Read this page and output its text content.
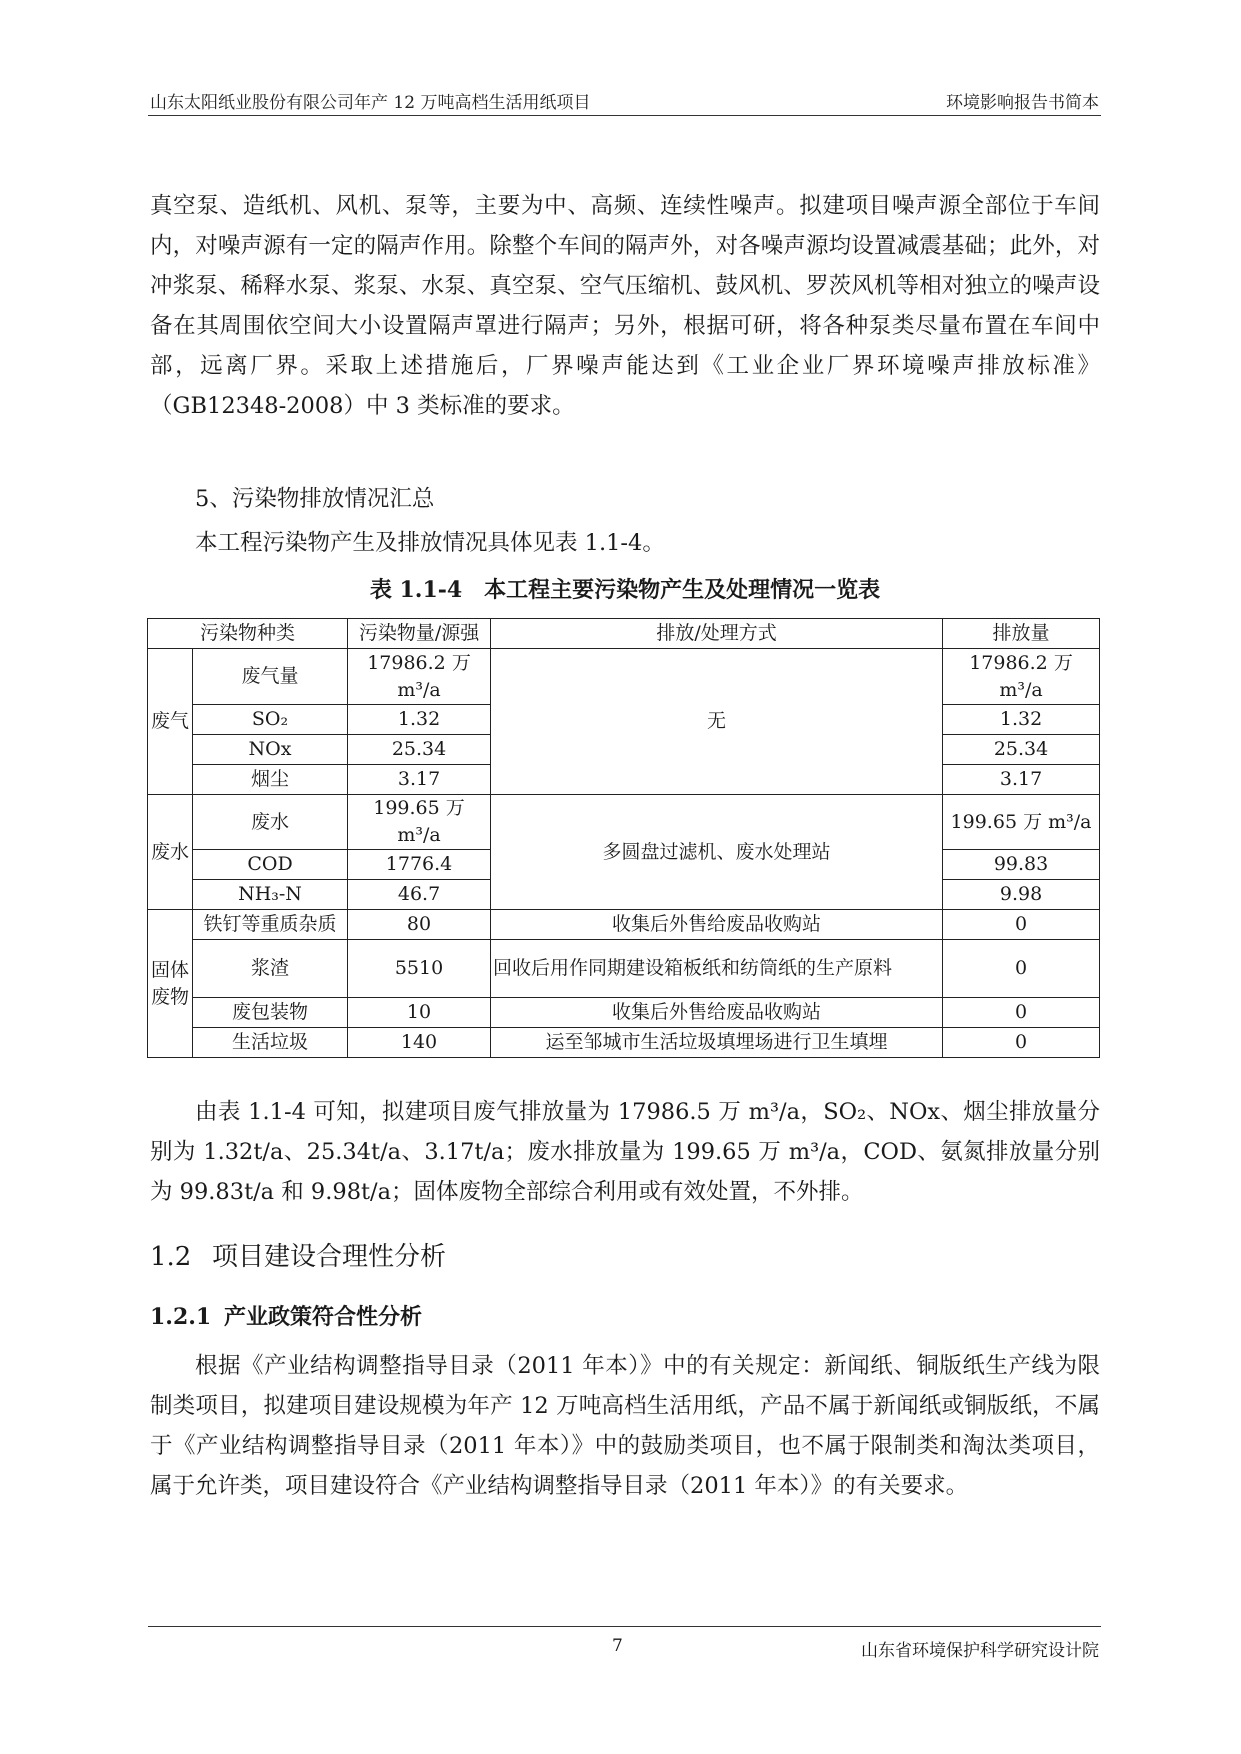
山东太阳纸业股份有限公司年产 12 万吨高档生活用纸项目	环境影响报告书简本

真空泵、造纸机、风机、泵等，主要为中、高频、连续性噪声。拟建项目噪声源全部位于车间内，对噪声源有一定的隔声作用。除整个车间的隔声外，对各噪声源均设置减震基础；此外，对冲浆泵、稀释水泵、浆泵、水泵、真空泵、空气压缩机、鼓风机、罗茨风机等相对独立的噪声设备在其周围依空间大小设置隔声罩进行隔声；另外，根据可研，将各种泵类尽量布置在车间中部，远离厂界。采取上述措施后，厂界噪声能达到《工业企业厂界环境噪声排放标准》（GB12348-2008）中 3 类标准的要求。

5、污染物排放情况汇总

本工程污染物产生及排放情况具体见表 1.1-4。

表 1.1-4　本工程主要污染物产生及处理情况一览表
污染物种类		污染物量/源强	排放/处理方式	排放量
废气	废气量	17986.2 万 m³/a	无	17986.2 万 m³/a
	SO₂	1.32		1.32
	NOx	25.34		25.34
	烟尘	3.17		3.17
废水	废水	199.65 万 m³/a	多圆盘过滤机、废水处理站	199.65 万 m³/a
	COD	1776.4		99.83
	NH₃-N	46.7		9.98
固体废物	铁钉等重质杂质	80	收集后外售给废品收购站	0
	浆渣	5510	回收后用作同期建设箱板纸和纺筒纸的生产原料	0
	废包装物	10	收集后外售给废品收购站	0
	生活垃圾	140	运至邹城市生活垃圾填埋场进行卫生填埋	0

由表 1.1-4 可知，拟建项目废气排放量为 17986.5 万 m³/a，SO₂、NOx、烟尘排放量分别为 1.32t/a、25.34t/a、3.17t/a；废水排放量为 199.65 万 m³/a，COD、氨氮排放量分别为 99.83t/a 和 9.98t/a；固体废物全部综合利用或有效处置，不外排。

1.2 项目建设合理性分析
1.2.1 产业政策符合性分析

根据《产业结构调整指导目录（2011 年本）》中的有关规定：新闻纸、铜版纸生产线为限制类项目，拟建项目建设规模为年产 12 万吨高档生活用纸，产品不属于新闻纸或铜版纸，不属于《产业结构调整指导目录（2011 年本）》中的鼓励类项目，也不属于限制类和淘汰类项目，属于允许类，项目建设符合《产业结构调整指导目录（2011 年本）》的有关要求。

7	山东省环境保护科学研究设计院
